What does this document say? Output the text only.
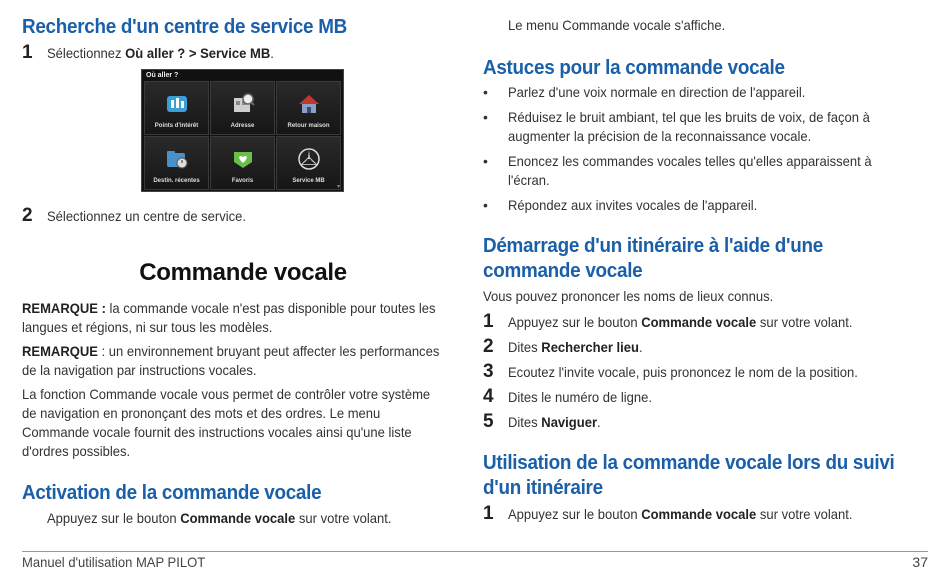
Recherche d'un centre de service MB
1 Sélectionnez Où aller ? > Service MB.
2 Sélectionnez un centre de service.
Commande vocale

REMARQUE : la commande vocale n'est pas disponible pour toutes les

langues et régions, ni sur tous les modèles.

REMARQUE : un environnement bruyant peut affecter les performances

de la navigation par instructions vocales.

La fonction Commande vocale vous permet de contrôler votre système

de navigation en prononçant des mots et des ordres. Le menu

Commande vocale fournit des instructions vocales ainsi qu'une liste

d'ordres possibles.

Activation de la commande vocale

Appuyez sur le bouton Commande vocale sur votre volant.

Où aller ?
Points d'intérêt	Adresse	Retour maison
Destin. récentes	Favoris	Service MB
▾

Le menu Commande vocale s'affiche.

Astuces pour la commande vocale
• Parlez d'une voix normale en direction de l'appareil.
• Réduisez le bruit ambiant, tel que les bruits de voix, de façon à
augmenter la précision de la reconnaissance vocale.
• Enoncez les commandes vocales telles qu'elles apparaissent à
l'écran.
• Répondez aux invites vocales de l'appareil.
Démarrage d'un itinéraire à l'aide d'une
commande vocale

Vous pouvez prononcer les noms de lieux connus.

1 Appuyez sur le bouton Commande vocale sur votre volant.
2 Dites Rechercher lieu.
3 Ecoutez l'invite vocale, puis prononcez le nom de la position.
4 Dites le numéro de ligne.
5 Dites Naviguer.
Utilisation de la commande vocale lors du suivi
d'un itinéraire
1 Appuyez sur le bouton Commande vocale sur votre volant.
Manuel d'utilisation MAP PILOT	37
